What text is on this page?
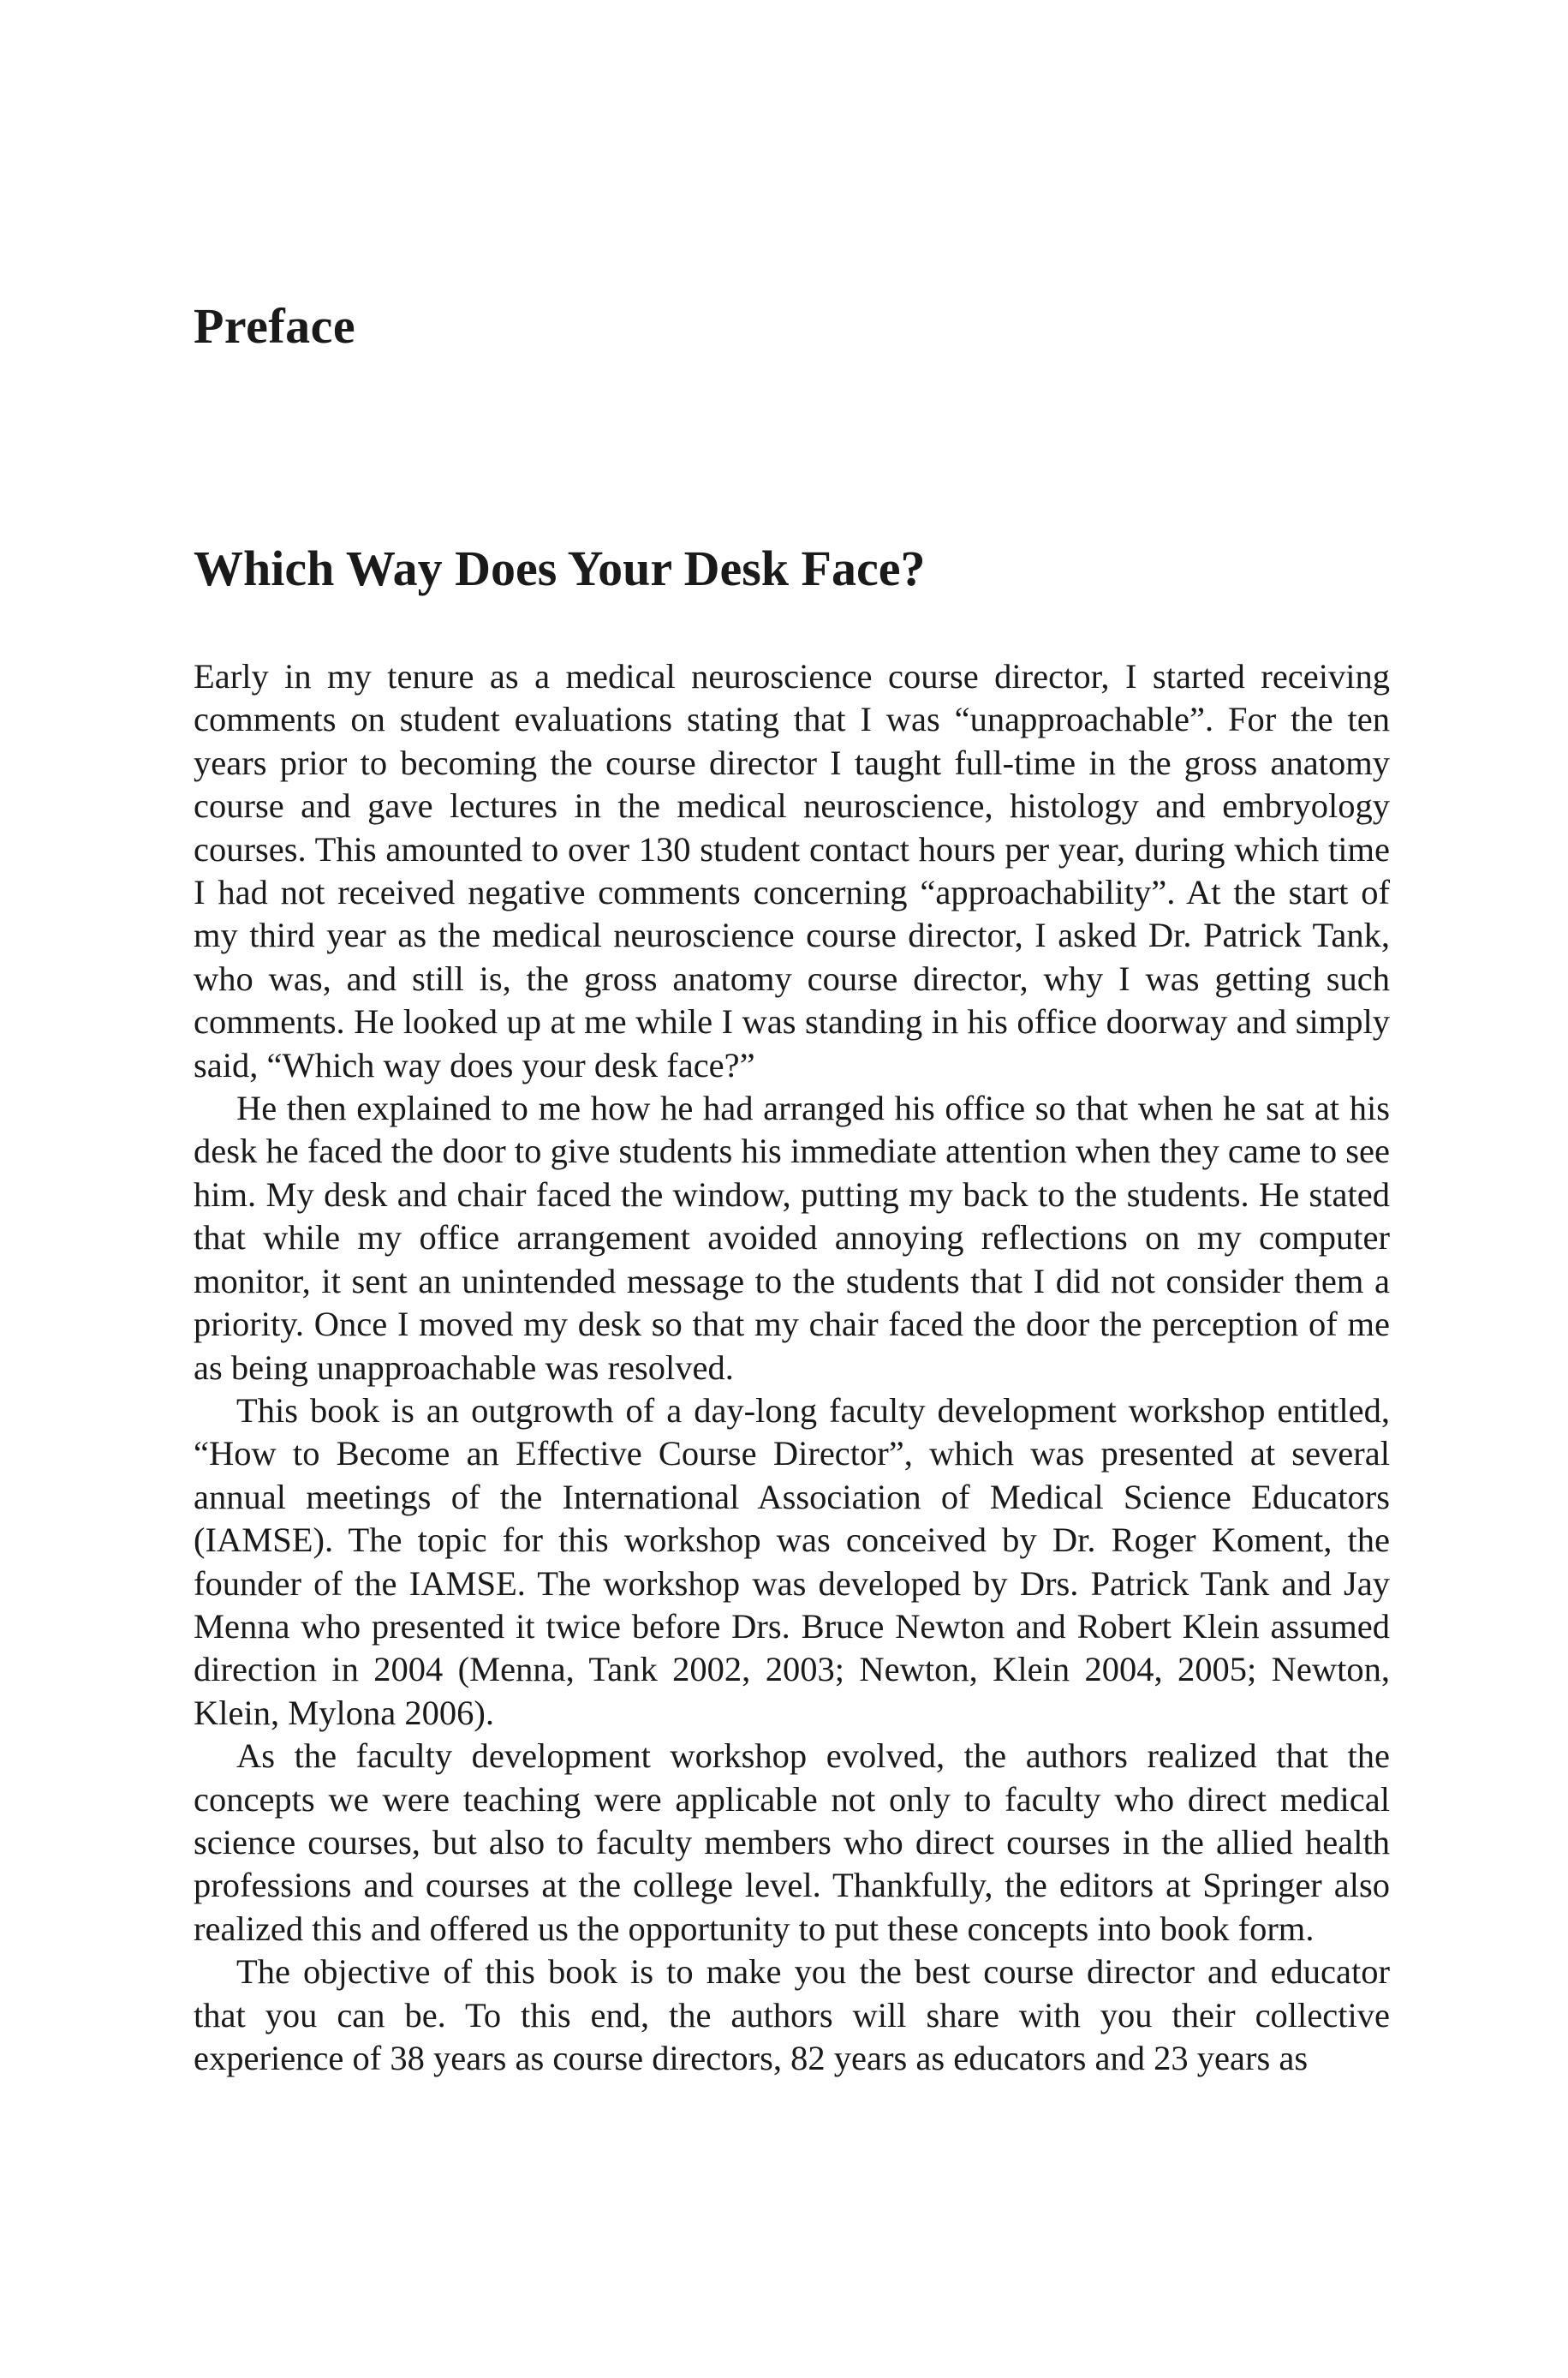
Preface
Which Way Does Your Desk Face?

Early in my tenure as a medical neuroscience course director, I started receiving comments on student evaluations stating that I was “unapproachable”. For the ten years prior to becoming the course director I taught full-time in the gross anatomy course and gave lectures in the medical neuroscience, histology and embryology courses. This amounted to over 130 student contact hours per year, during which time I had not received negative comments concerning “approachability”. At the start of my third year as the medical neuroscience course director, I asked Dr. Patrick Tank, who was, and still is, the gross anatomy course director, why I was getting such comments. He looked up at me while I was standing in his office doorway and simply said, “Which way does your desk face?”

He then explained to me how he had arranged his office so that when he sat at his desk he faced the door to give students his immediate attention when they came to see him. My desk and chair faced the window, putting my back to the students. He stated that while my office arrangement avoided annoying reflections on my computer monitor, it sent an unintended message to the students that I did not consider them a priority. Once I moved my desk so that my chair faced the door the perception of me as being unapproachable was resolved.

This book is an outgrowth of a day-long faculty development workshop entitled, “How to Become an Effective Course Director”, which was presented at several annual meetings of the International Association of Medical Science Educators (IAMSE). The topic for this workshop was conceived by Dr. Roger Koment, the founder of the IAMSE. The workshop was developed by Drs. Patrick Tank and Jay Menna who presented it twice before Drs. Bruce Newton and Robert Klein assumed direction in 2004 (Menna, Tank 2002, 2003; Newton, Klein 2004, 2005; Newton, Klein, Mylona 2006).

As the faculty development workshop evolved, the authors realized that the concepts we were teaching were applicable not only to faculty who direct medical science courses, but also to faculty members who direct courses in the allied health professions and courses at the college level. Thankfully, the editors at Springer also realized this and offered us the opportunity to put these concepts into book form.

The objective of this book is to make you the best course director and educator that you can be. To this end, the authors will share with you their collective experience of 38 years as course directors, 82 years as educators and 23 years as
